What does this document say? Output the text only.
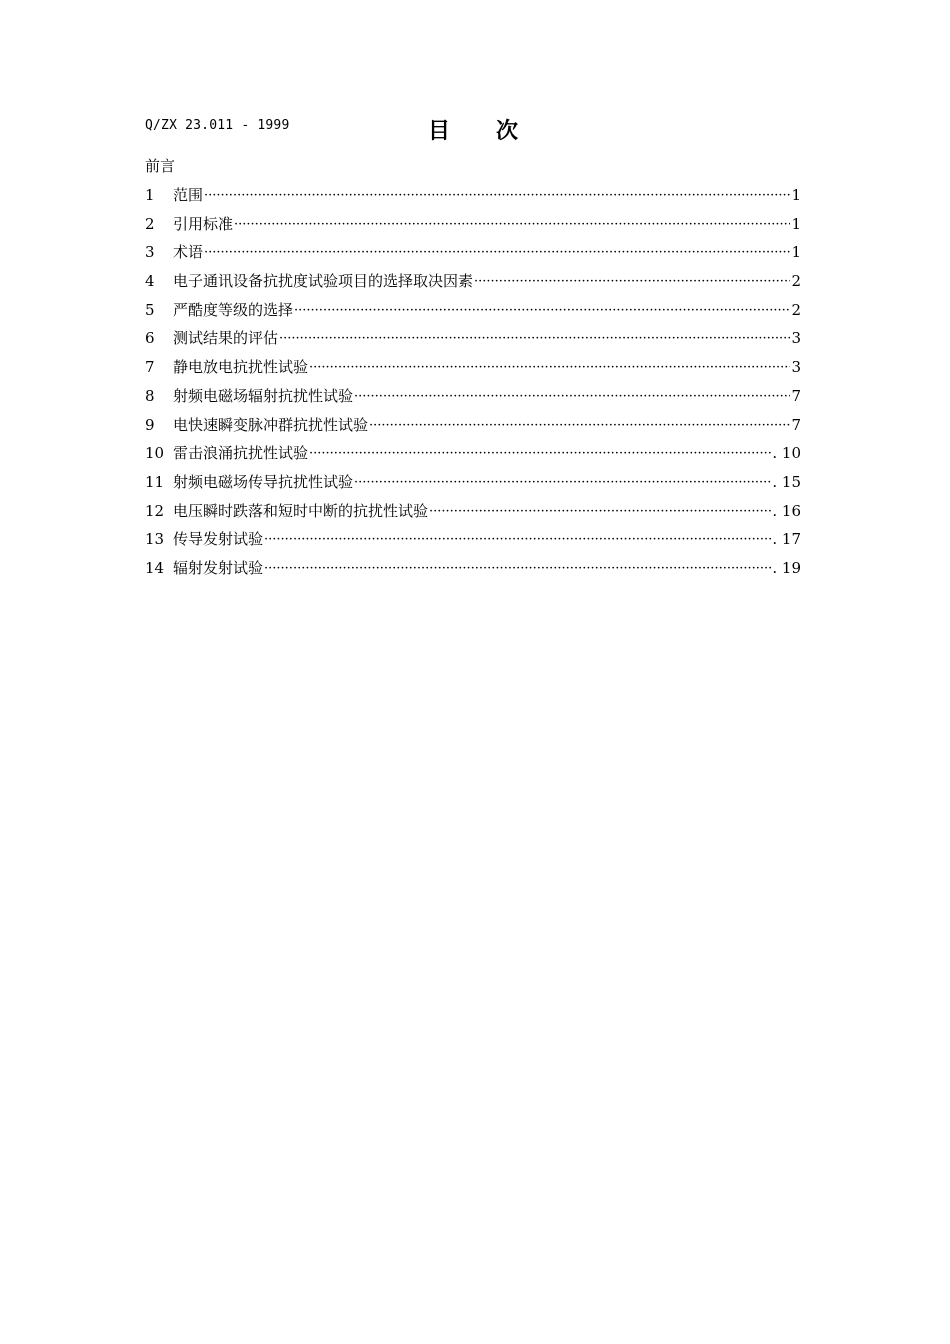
Q/ZX 23.011 - 1999	目次
前言
1	范围 ·····	1
2	引用标准 ·····	1
3	术语 ·····	1
4	电子通讯设备抗扰度试验项目的选择取决因素 ·····	2
5	严酷度等级的选择 ·····	2
6	测试结果的评估 ·····	3
7	静电放电抗扰性试验 ·····	3
8	射频电磁场辐射抗扰性试验 ·····	7
9	电快速瞬变脉冲群抗扰性试验 ·····	7
10 雷击浪涌抗扰性试验 ·····	. 10
11 射频电磁场传导抗扰性试验 ·····	. 15
12 电压瞬时跌落和短时中断的抗扰性试验 ·····	. 16
13 传导发射试验 ·····	. 17
14 辐射发射试验 ·····	. 19
